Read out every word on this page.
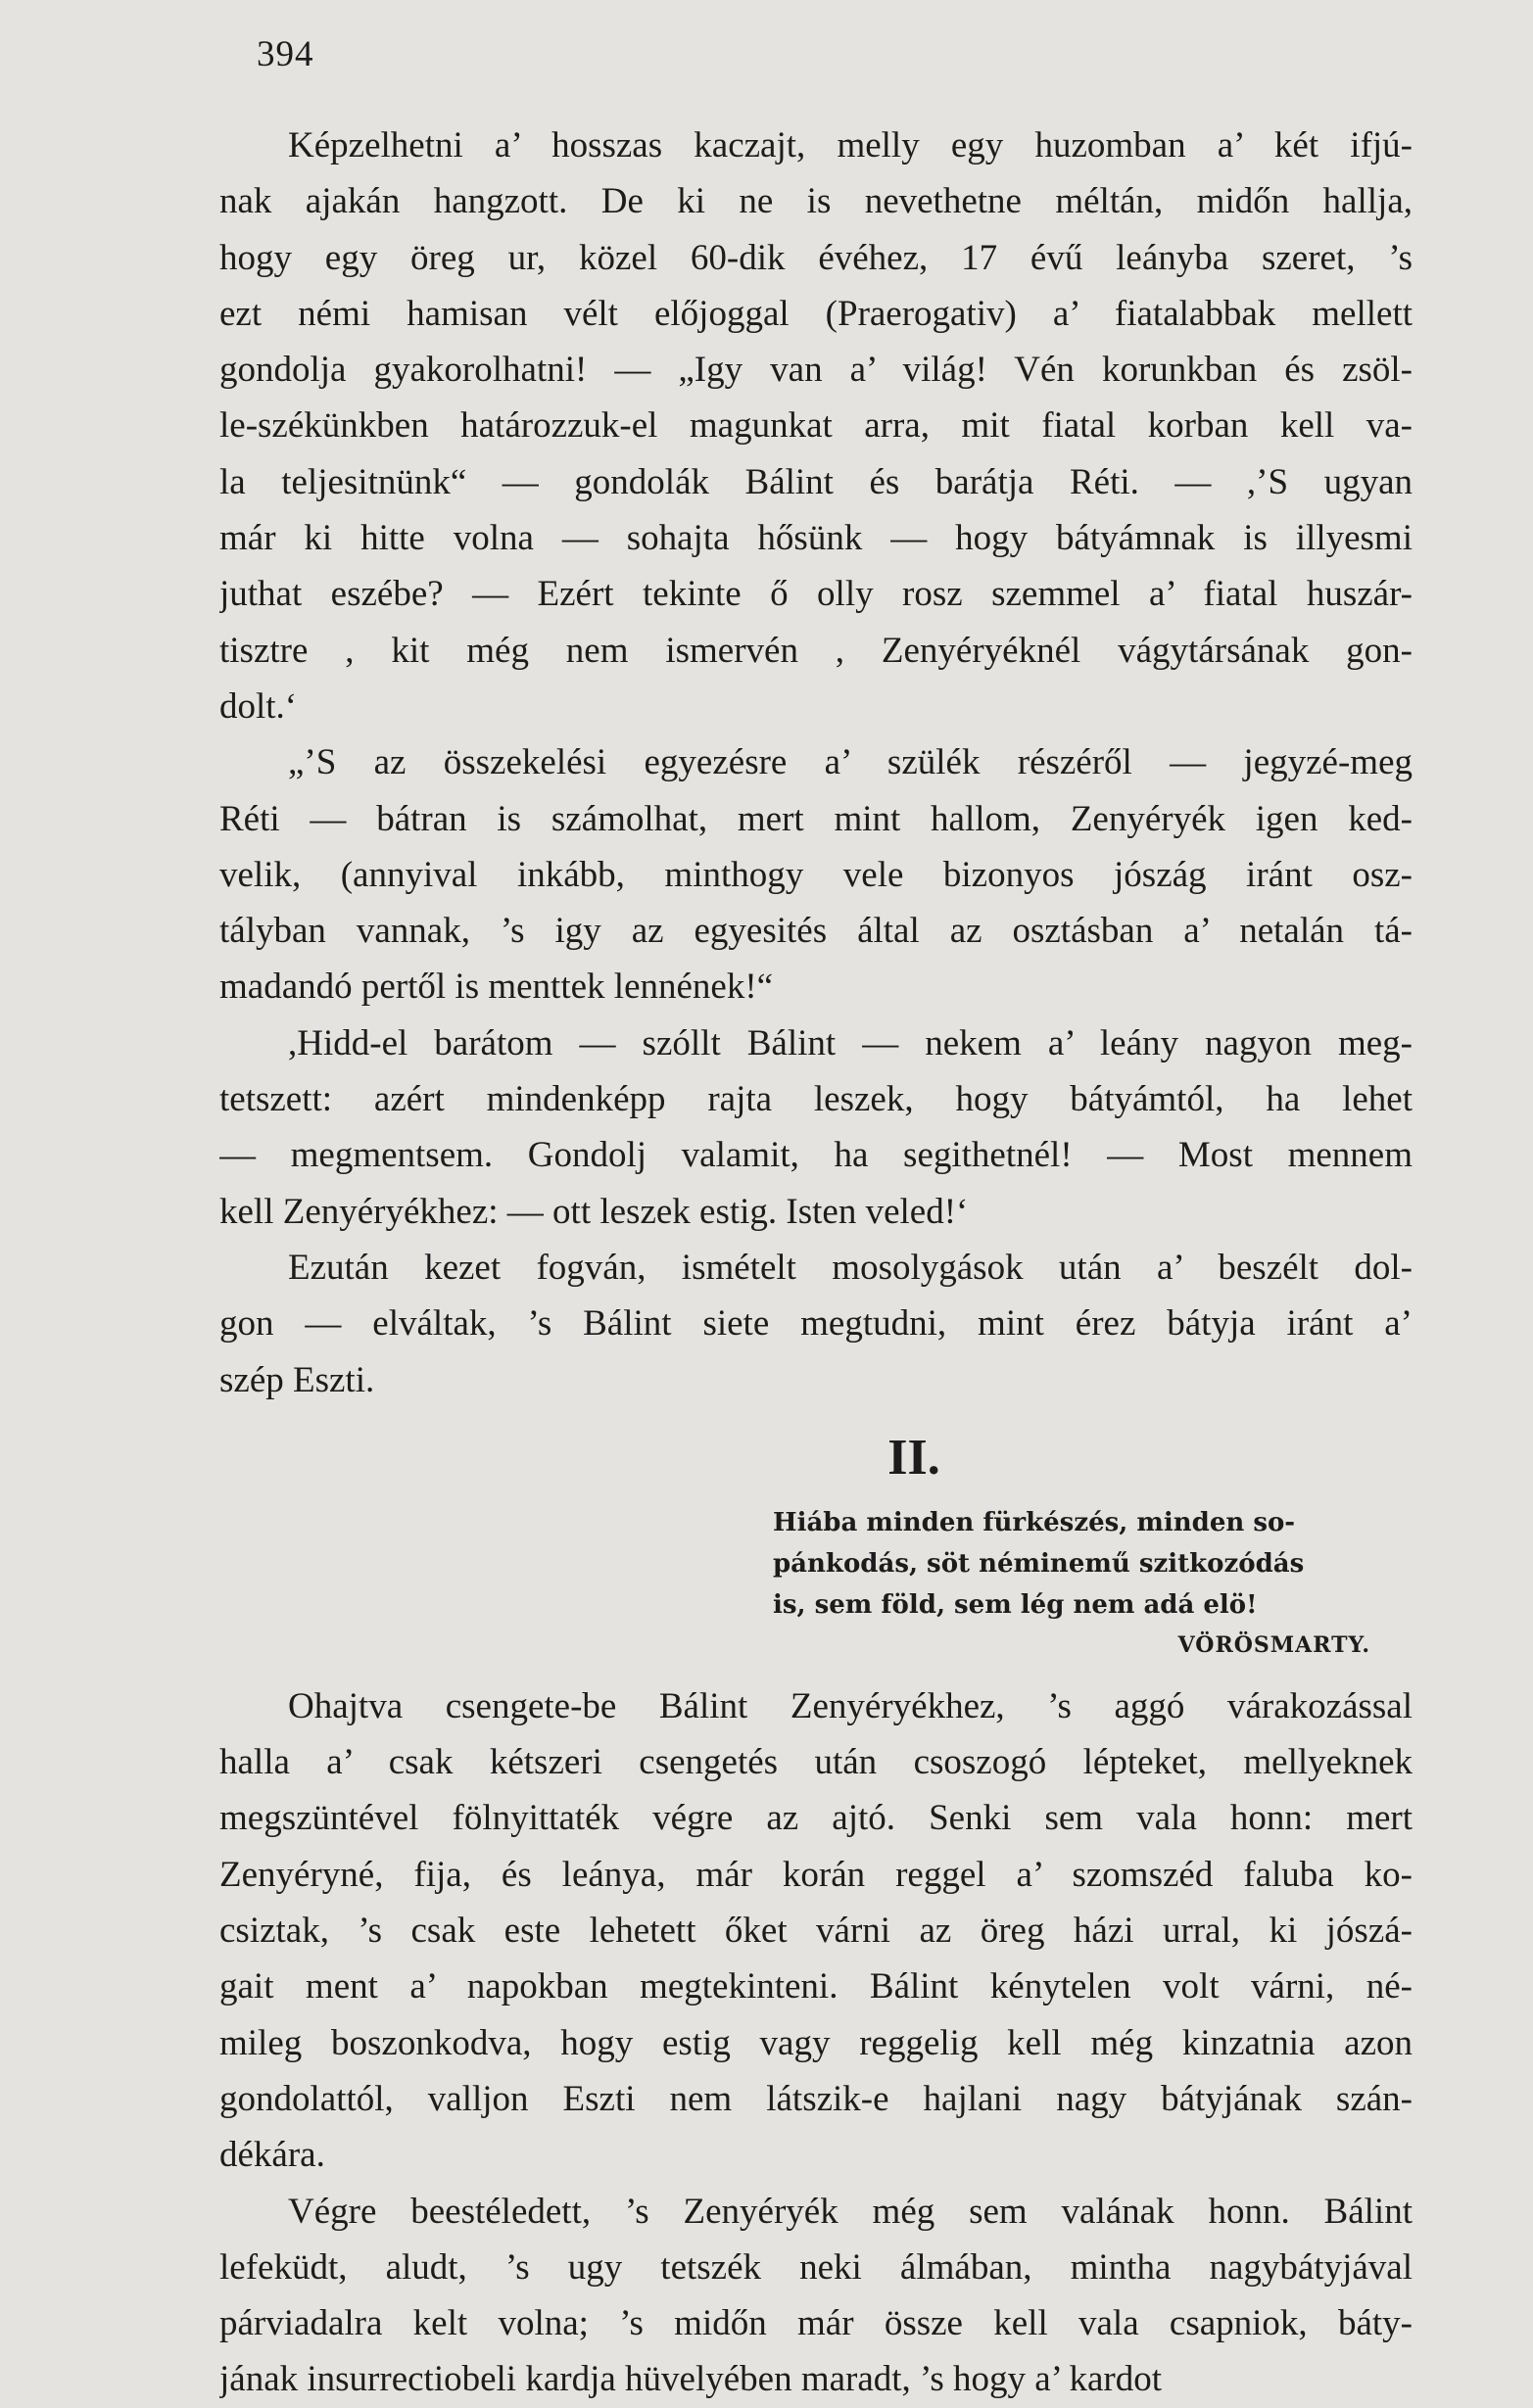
394
Képzelhetni a’ hosszas kaczajt, melly egy huzomban a’ két ifjú-
nak ajakán hangzott. De ki ne is nevethetne méltán, midőn hallja,
hogy egy öreg ur, közel 60-dik évéhez, 17 évű leányba szeret, ’s
ezt némi hamisan vélt előjoggal (Praerogativ) a’ fiatalabbak mellett
gondolja gyakorolhatni! — „Igy van a’ világ! Vén korunkban és zsöl-
le-székünkben határozzuk-el magunkat arra, mit fiatal korban kell va-
la teljesitnünk“ — gondolák Bálint és barátja Réti. — ,’S ugyan
már ki hitte volna — sohajta hősünk — hogy bátyámnak is illyesmi
juthat eszébe? — Ezért tekinte ő olly rosz szemmel a’ fiatal huszár-
tisztre , kit még nem ismervén , Zenyéryéknél vágytársának gon-
dolt.‘
„’S az összekelési egyezésre a’ szülék részéről — jegyzé-meg
Réti — bátran is számolhat, mert mint hallom, Zenyéryék igen ked-
velik, (annyival inkább, minthogy vele bizonyos jószág iránt osz-
tályban vannak, ’s igy az egyesités által az osztásban a’ netalán tá-
madandó pertől is menttek lennének!“
,Hidd-el barátom — szóllt Bálint — nekem a’ leány nagyon meg-
tetszett: azért mindenképp rajta leszek, hogy bátyámtól, ha lehet
— megmentsem. Gondolj valamit, ha segithetnél! — Most mennem
kell Zenyéryékhez: — ott leszek estig. Isten veled!‘
Ezután kezet fogván, ismételt mosolygások után a’ beszélt dol-
gon — elváltak, ’s Bálint siete megtudni, mint érez bátyja iránt a’
szép Eszti.
II.
Hiába minden fürkészés, minden so-
pánkodás, söt néminemű szitkozódás
is, sem föld, sem lég nem adá elö!
VÖRÖSMARTY.
Ohajtva csengete-be Bálint Zenyéryékhez, ’s aggó várakozással
halla a’ csak kétszeri csengetés után csoszogó lépteket, mellyeknek
megszüntével fölnyittaték végre az ajtó. Senki sem vala honn: mert
Zenyéryné, fija, és leánya, már korán reggel a’ szomszéd faluba ko-
csiztak, ’s csak este lehetett őket várni az öreg házi urral, ki jószá-
gait ment a’ napokban megtekinteni. Bálint kénytelen volt várni, né-
mileg boszonkodva, hogy estig vagy reggelig kell még kinzatnia azon
gondolattól, valljon Eszti nem látszik-e hajlani nagy bátyjának szán-
dékára.
Végre beestéledett, ’s Zenyéryék még sem valának honn. Bálint
lefeküdt, aludt, ’s ugy tetszék neki álmában, mintha nagybátyjával
párviadalra kelt volna; ’s midőn már össze kell vala csapniok, báty-
jának insurrectiobeli kardja hüvelyében maradt, ’s hogy a’ kardot
